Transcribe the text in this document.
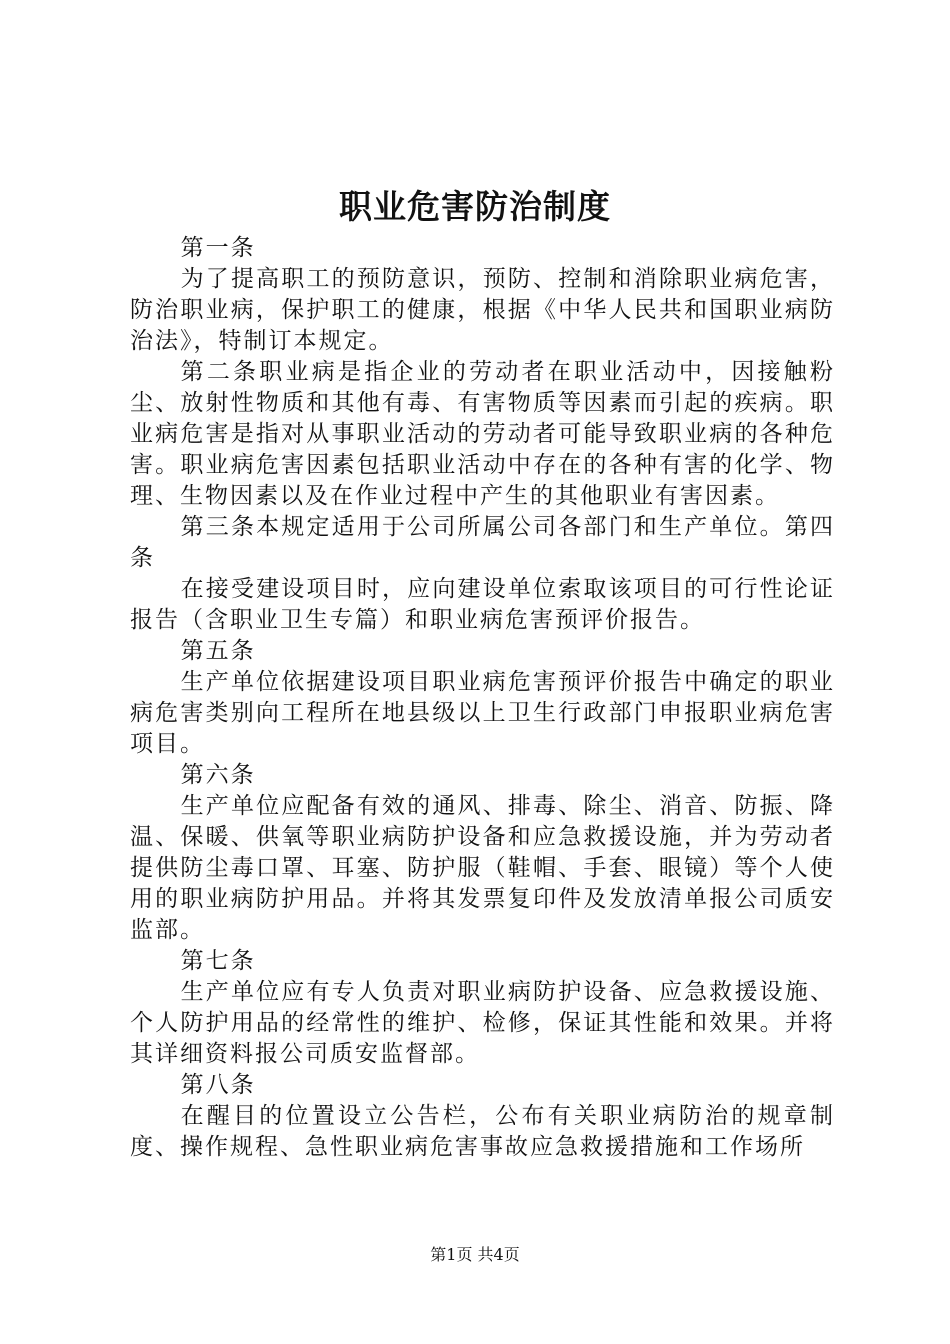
职业危害防治制度

第一条

为了提高职工的预防意识，预防、控制和消除职业病危害，防治职业病，保护职工的健康，根据《中华人民共和国职业病防治法》，特制订本规定。

第二条职业病是指企业的劳动者在职业活动中，因接触粉尘、放射性物质和其他有毒、有害物质等因素而引起的疾病。职业病危害是指对从事职业活动的劳动者可能导致职业病的各种危害。职业病危害因素包括职业活动中存在的各种有害的化学、物理、生物因素以及在作业过程中产生的其他职业有害因素。

第三条本规定适用于公司所属公司各部门和生产单位。第四条

在接受建设项目时，应向建设单位索取该项目的可行性论证报告（含职业卫生专篇）和职业病危害预评价报告。

第五条

生产单位依据建设项目职业病危害预评价报告中确定的职业病危害类别向工程所在地县级以上卫生行政部门申报职业病危害项目。

第六条

生产单位应配备有效的通风、排毒、除尘、消音、防振、降温、保暖、供氧等职业病防护设备和应急救援设施，并为劳动者提供防尘毒口罩、耳塞、防护服（鞋帽、手套、眼镜）等个人使用的职业病防护用品。并将其发票复印件及发放清单报公司质安监部。

第七条

生产单位应有专人负责对职业病防护设备、应急救援设施、个人防护用品的经常性的维护、检修，保证其性能和效果。并将其详细资料报公司质安监督部。

第八条

在醒目的位置设立公告栏，公布有关职业病防治的规章制度、操作规程、急性职业病危害事故应急救援措施和工作场所

第1页 共4页
